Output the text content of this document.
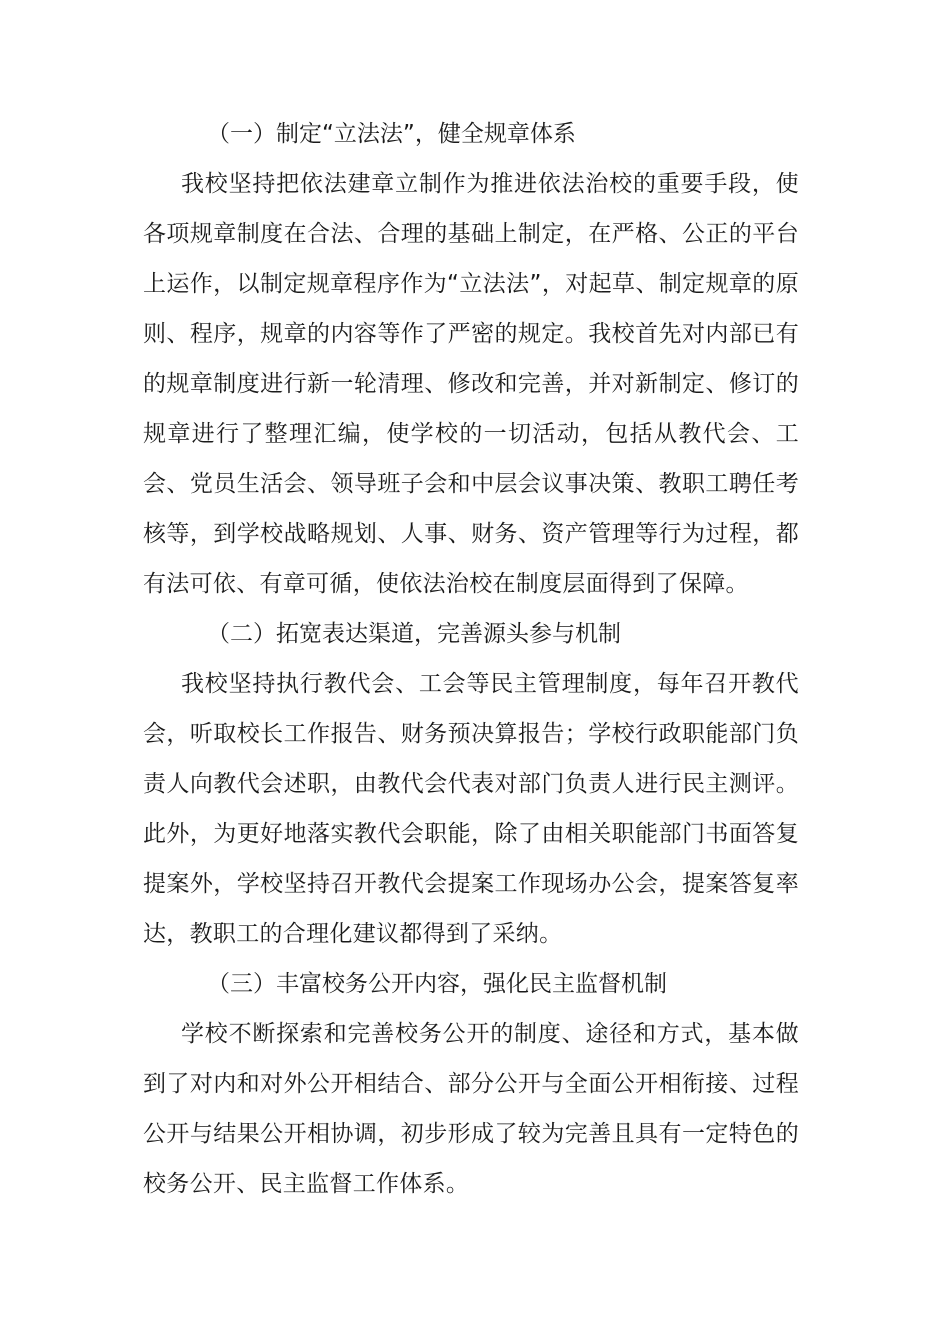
（一）制定“立法法”，健全规章体系

我校坚持把依法建章立制作为推进依法治校的重要手段，使各项规章制度在合法、合理的基础上制定，在严格、公正的平台上运作，以制定规章程序作为“立法法”，对起草、制定规章的原则、程序，规章的内容等作了严密的规定。我校首先对内部已有的规章制度进行新一轮清理、修改和完善，并对新制定、修订的规章进行了整理汇编，使学校的一切活动，包括从教代会、工会、党员生活会、领导班子会和中层会议事决策、教职工聘任考核等，到学校战略规划、人事、财务、资产管理等行为过程，都有法可依、有章可循，使依法治校在制度层面得到了保障。

（二）拓宽表达渠道，完善源头参与机制

我校坚持执行教代会、工会等民主管理制度，每年召开教代会，听取校长工作报告、财务预决算报告；学校行政职能部门负责人向教代会述职，由教代会代表对部门负责人进行民主测评。此外，为更好地落实教代会职能，除了由相关职能部门书面答复提案外，学校坚持召开教代会提案工作现场办公会，提案答复率达，教职工的合理化建议都得到了采纳。

（三）丰富校务公开内容，强化民主监督机制

学校不断探索和完善校务公开的制度、途径和方式，基本做到了对内和对外公开相结合、部分公开与全面公开相衔接、过程公开与结果公开相协调，初步形成了较为完善且具有一定特色的校务公开、民主监督工作体系。
